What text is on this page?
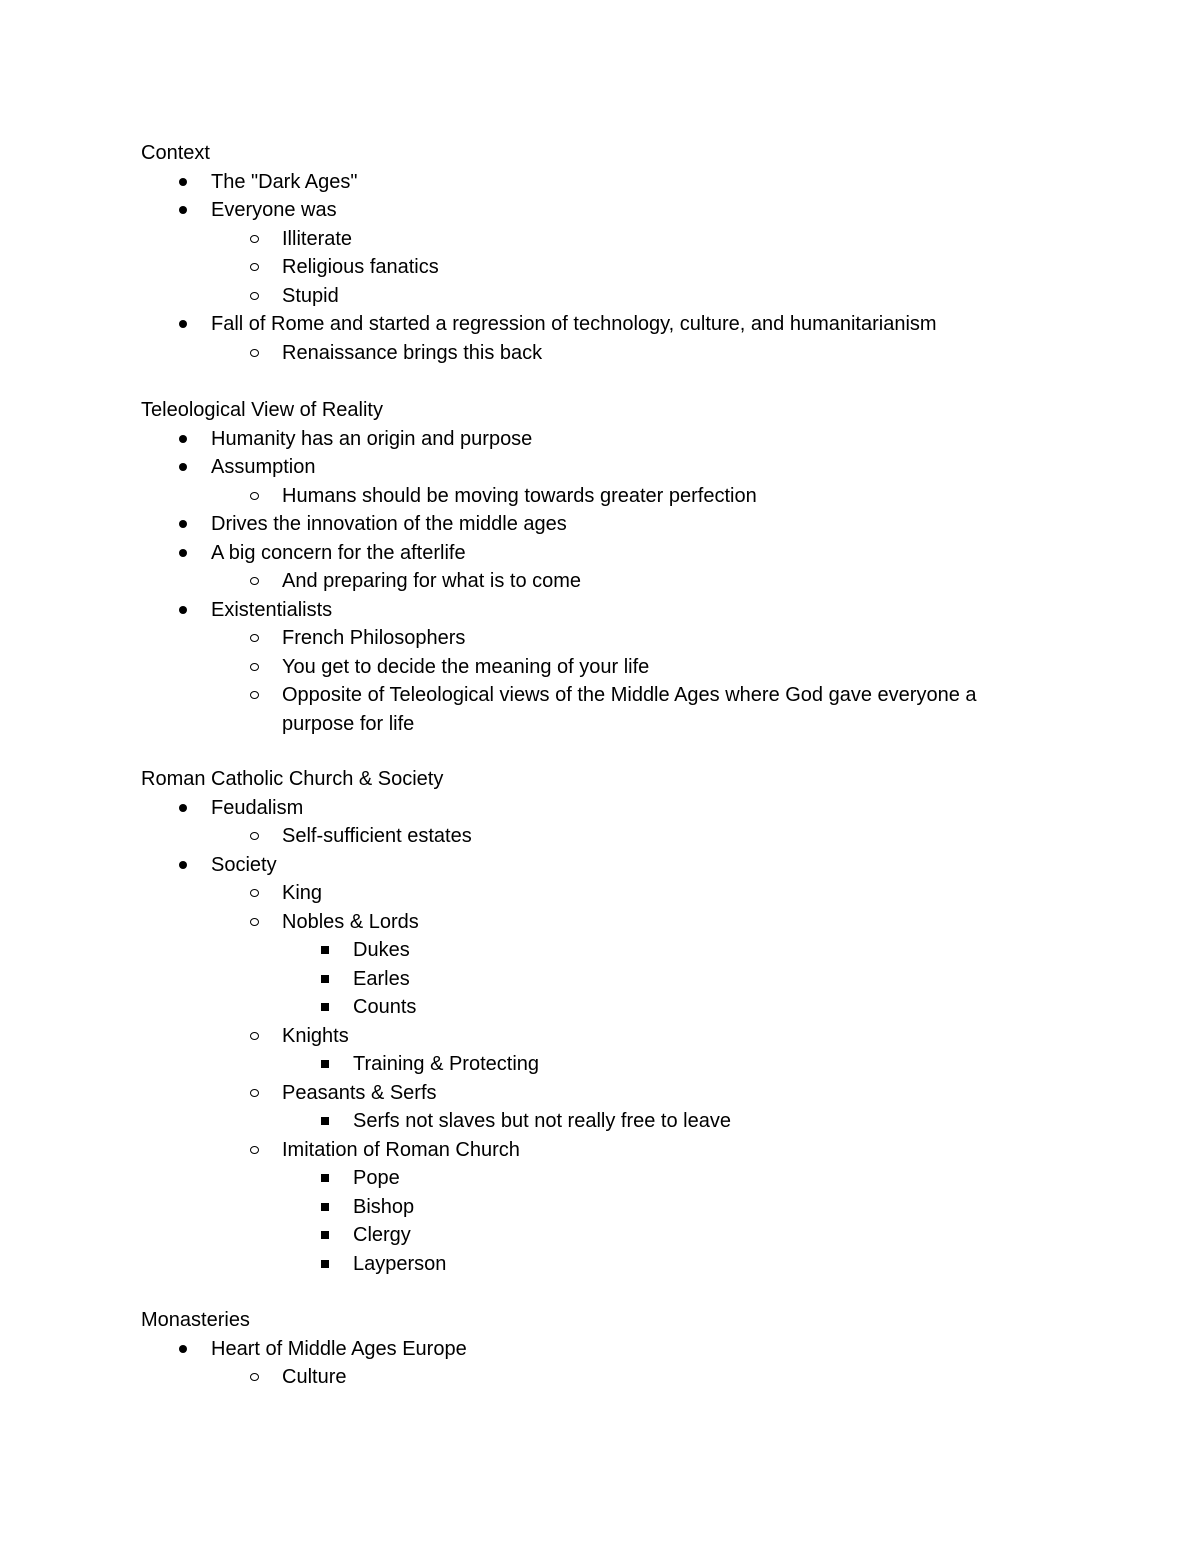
Context
The "Dark Ages"
Everyone was
Illiterate
Religious fanatics
Stupid
Fall of Rome and started a regression of technology, culture, and humanitarianism
Renaissance brings this back
Teleological View of Reality
Humanity has an origin and purpose
Assumption
Humans should be moving towards greater perfection
Drives the innovation of the middle ages
A big concern for the afterlife
And preparing for what is to come
Existentialists
French Philosophers
You get to decide the meaning of your life
Opposite of Teleological views of the Middle Ages where God gave everyone a purpose for life
Roman Catholic Church & Society
Feudalism
Self-sufficient estates
Society
King
Nobles & Lords
Dukes
Earles
Counts
Knights
Training & Protecting
Peasants & Serfs
Serfs not slaves but not really free to leave
Imitation of Roman Church
Pope
Bishop
Clergy
Layperson
Monasteries
Heart of Middle Ages Europe
Culture
